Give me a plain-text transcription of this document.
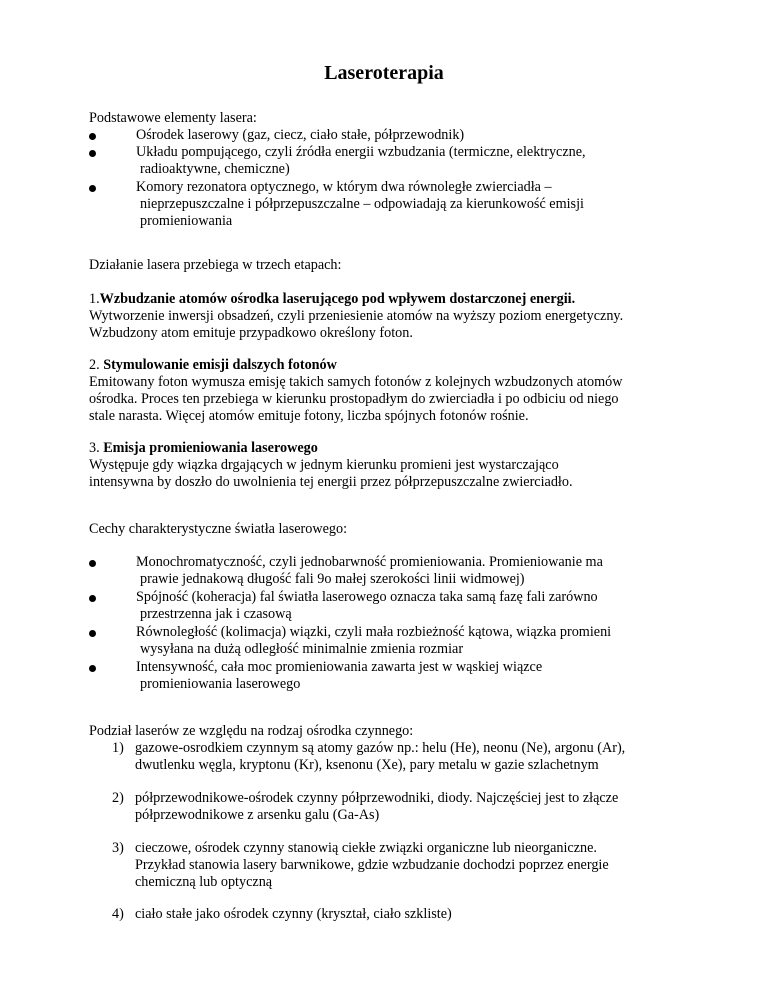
Laseroterapia
Podstawowe elementy lasera:
Ośrodek laserowy (gaz, ciecz, ciało stałe, półprzewodnik)
Układu pompującego, czyli źródła energii wzbudzania (termiczne, elektryczne,
radioaktywne, chemiczne)
Komory rezonatora optycznego, w którym dwa równoległe zwierciadła –
nieprzepuszczalne i półprzepuszczalne – odpowiadają za kierunkowość emisji
promieniowania
Działanie lasera przebiega w trzech etapach:
1.Wzbudzanie atomów ośrodka laserującego pod wpływem dostarczonej energii.
Wytworzenie inwersji obsadzeń, czyli przeniesienie atomów na wyższy poziom energetyczny.
Wzbudzony atom emituje przypadkowo określony foton.
2. Stymulowanie emisji dalszych fotonów
Emitowany foton wymusza emisję takich samych fotonów z kolejnych wzbudzonych atomów
ośrodka. Proces ten przebiega w kierunku prostopadłym do zwierciadła i po odbiciu od niego
stale narasta. Więcej atomów emituje fotony, liczba spójnych fotonów rośnie.
3. Emisja promieniowania laserowego
Występuje gdy wiązka drgających w jednym kierunku promieni jest wystarczająco
intensywna by doszło do uwolnienia tej energii przez półprzepuszczalne zwierciadło.
Cechy charakterystyczne światła laserowego:
Monochromatyczność, czyli jednobarwność promieniowania. Promieniowanie ma
prawie jednakową długość fali 9o małej szerokości linii widmowej)
Spójność (koheracja) fal światła laserowego oznacza taka samą fazę fali zarówno
przestrzenna jak i czasową
Równoległość (kolimacja) wiązki, czyli mała rozbieżność kątowa, wiązka promieni
wysyłana na dużą odległość minimalnie zmienia rozmiar
Intensywność, cała moc promieniowania zawarta jest w wąskiej wiązce
promieniowania laserowego
Podział laserów ze względu na rodzaj ośrodka czynnego:
1) gazowe-osrodkiem czynnym są atomy gazów np.: helu (He), neonu (Ne), argonu (Ar),
dwutlenku węgla, kryptonu (Kr), ksenonu (Xe), pary metalu w gazie szlachetnym
2) półprzewodnikowe-ośrodek czynny półprzewodniki, diody. Najczęściej jest to złącze
półprzewodnikowe z arsenku galu (Ga-As)
3) cieczowe, ośrodek czynny stanowią ciekłe związki organiczne lub nieorganiczne.
Przykład stanowia lasery barwnikowe, gdzie wzbudzanie dochodzi poprzez energie
chemiczną lub optyczną
4) ciało stałe jako ośrodek czynny (kryształ, ciało szkliste)
